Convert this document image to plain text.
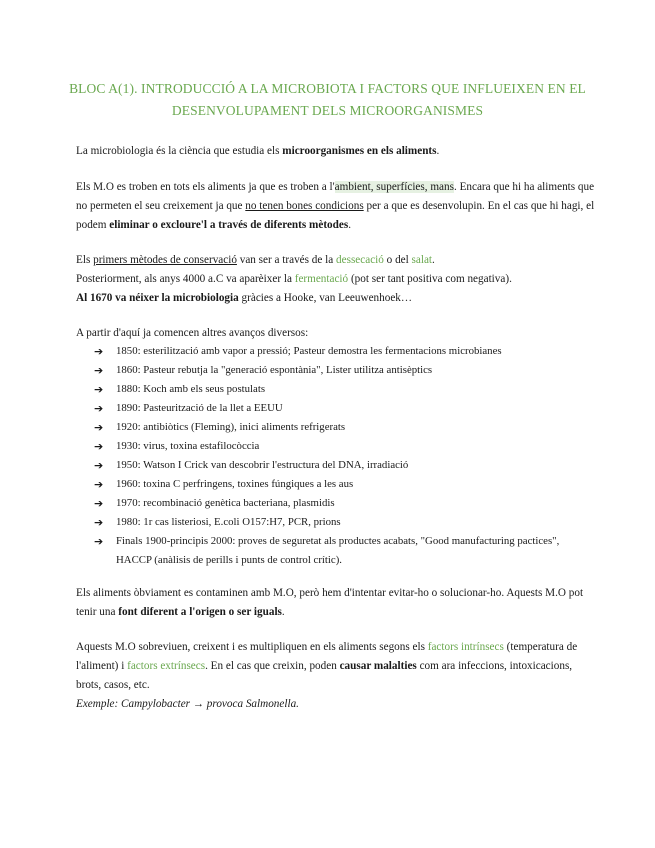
BLOC A(1). INTRODUCCIÓ A LA MICROBIOTA I FACTORS QUE INFLUEIXEN EN EL
DESENVOLUPAMENT DELS MICROORGANISMES
La microbiologia és la ciència que estudia els microorganismes en els aliments.
Els M.O es troben en tots els aliments ja que es troben a l'ambient, superfícies, mans. Encara que hi ha aliments que no permeten el seu creixement ja que no tenen bones condicions per a que es desenvolupin. En el cas que hi hagi, el podem eliminar o excloure'l a través de diferents mètodes.
Els primers mètodes de conservació van ser a través de la dessecació o del salat.
Posteriorment, als anys 4000 a.C va aparèixer la fermentació (pot ser tant positiva com negativa).
Al 1670 va néixer la microbiologia gràcies a Hooke, van Leeuwenhoek…
A partir d'aquí ja comencen altres avanços diversos:
➔ 1850: esterilització amb vapor a pressió; Pasteur demostra les fermentacions microbianes
➔ 1860: Pasteur rebutja la "generació espontània", Lister utilitza antisèptics
➔ 1880: Koch amb els seus postulats
➔ 1890: Pasteurització de la llet a EEUU
➔ 1920: antibiòtics (Fleming), inici aliments refrigerats
➔ 1930: virus, toxina estafilocòccia
➔ 1950: Watson I Crick van descobrir l'estructura del DNA, irradiació
➔ 1960: toxina C perfringens, toxines fúngiques a les aus
➔ 1970: recombinació genètica bacteriana, plasmidis
➔ 1980: 1r cas listeriosi, E.coli O157:H7, PCR, prions
➔ Finals 1900-principis 2000: proves de seguretat als productes acabats, "Good manufacturing pactices", HACCP (anàlisis de perills i punts de control crític).
Els aliments òbviament es contaminen amb M.O, però hem d'intentar evitar-ho o solucionar-ho. Aquests M.O pot tenir una font diferent a l'origen o ser iguals.
Aquests M.O sobreviuen, creixent i es multipliquen en els aliments segons els factors intrínsecs (temperatura de l'aliment) i factors extrínsecs. En el cas que creixin, poden causar malalties com ara infeccions, intoxicacions, brots, casos, etc.
Exemple: Campylobacter → provoca Salmonella.
